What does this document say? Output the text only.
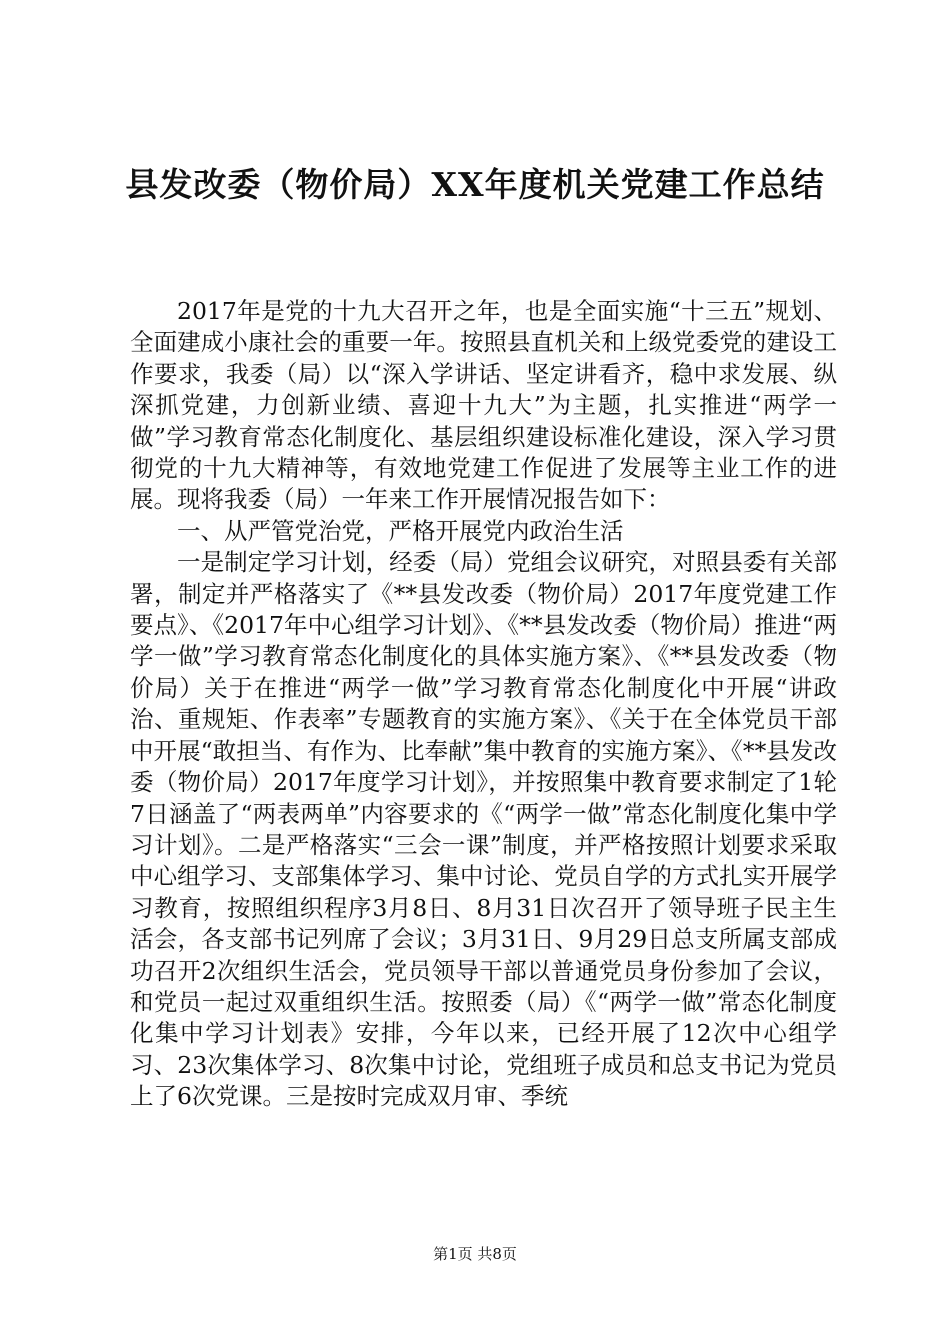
县发改委（物价局）XX年度机关党建工作总结

2017年是党的十九大召开之年，也是全面实施“十三五”规划、全面建成小康社会的重要一年。按照县直机关和上级党委党的建设工作要求，我委（局）以“深入学讲话、坚定讲看齐，稳中求发展、纵深抓党建，力创新业绩、喜迎十九大”为主题，扎实推进“两学一做”学习教育常态化制度化、基层组织建设标准化建设，深入学习贯彻党的十九大精神等，有效地党建工作促进了发展等主业工作的进展。现将我委（局）一年来工作开展情况报告如下：

一、从严管党治党，严格开展党内政治生活

一是制定学习计划，经委（局）党组会议研究，对照县委有关部署，制定并严格落实了《**县发改委（物价局）2017年度党建工作要点》、《2017年中心组学习计划》、《**县发改委（物价局）推进“两学一做”学习教育常态化制度化的具体实施方案》、《**县发改委（物价局）关于在推进“两学一做”学习教育常态化制度化中开展“讲政治、重规矩、作表率”专题教育的实施方案》、《关于在全体党员干部中开展“敢担当、有作为、比奉献”集中教育的实施方案》、《**县发改委（物价局）2017年度学习计划》，并按照集中教育要求制定了1轮7日涵盖了“两表两单”内容要求的《“两学一做”常态化制度化集中学习计划》。二是严格落实“三会一课”制度，并严格按照计划要求采取中心组学习、支部集体学习、集中讨论、党员自学的方式扎实开展学习教育，按照组织程序3月8日、8月31日次召开了领导班子民主生活会，各支部书记列席了会议；3月31日、9月29日总支所属支部成功召开2次组织生活会，党员领导干部以普通党员身份参加了会议，和党员一起过双重组织生活。按照委（局）《“两学一做”常态化制度化集中学习计划表》安排，今年以来，已经开展了12次中心组学习、23次集体学习、8次集中讨论，党组班子成员和总支书记为党员上了6次党课。三是按时完成双月审、季统

第1页 共8页
